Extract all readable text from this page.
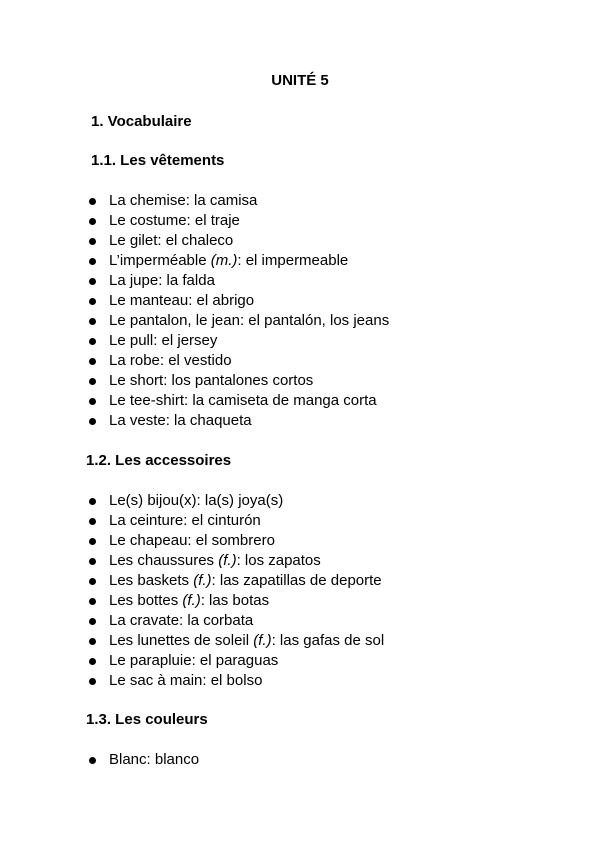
UNITÉ 5
1. Vocabulaire
1.1. Les vêtements
La chemise: la camisa
Le costume: el traje
Le gilet: el chaleco
L’imperméable (m.): el impermeable
La jupe: la falda
Le manteau: el abrigo
Le pantalon, le jean: el pantalón, los jeans
Le pull: el jersey
La robe: el vestido
Le short: los pantalones cortos
Le tee-shirt: la camiseta de manga corta
La veste: la chaqueta
1.2. Les accessoires
Le(s) bijou(x): la(s) joya(s)
La ceinture: el cinturón
Le chapeau: el sombrero
Les chaussures (f.): los zapatos
Les baskets (f.): las zapatillas de deporte
Les bottes (f.): las botas
La cravate: la corbata
Les lunettes de soleil (f.): las gafas de sol
Le parapluie: el paraguas
Le sac à main: el bolso
1.3. Les couleurs
Blanc: blanco
